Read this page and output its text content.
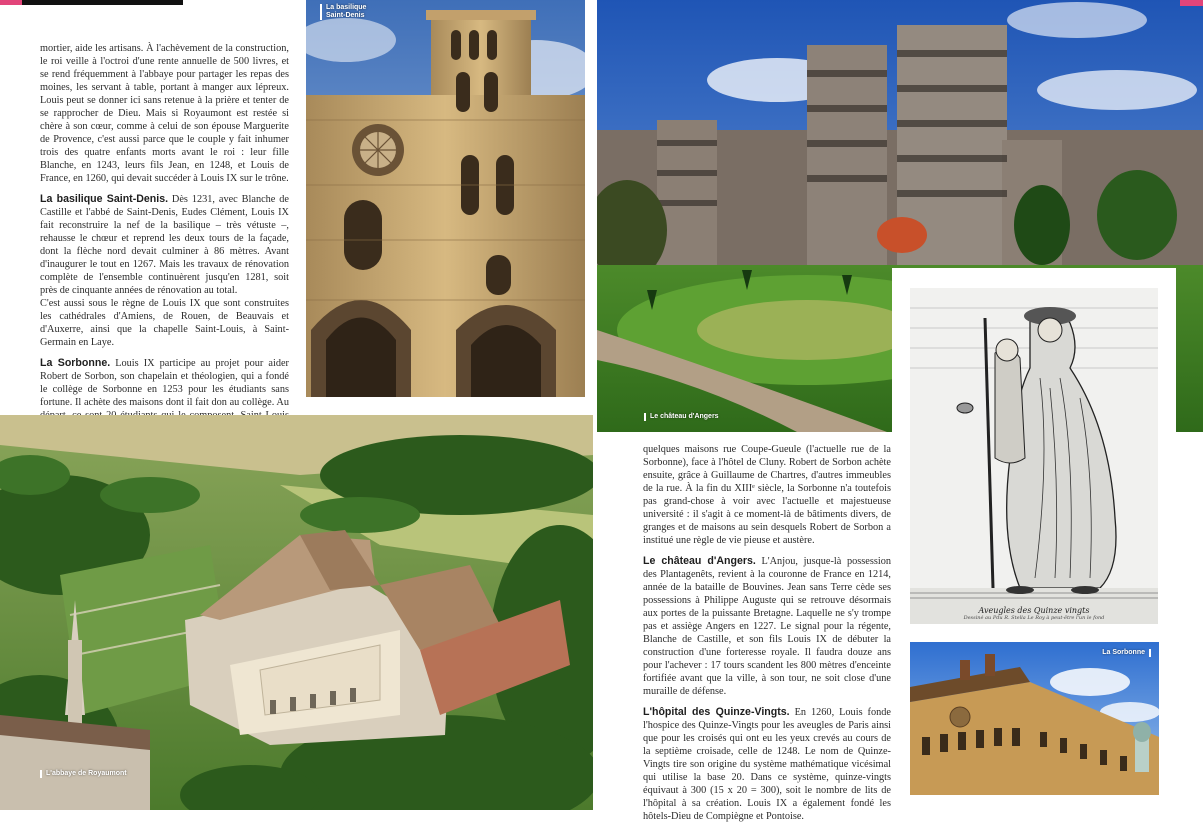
mortier, aide les artisans. À l'achèvement de la construction, le roi veille à l'octroi d'une rente annuelle de 500 livres, et se rend fréquemment à l'abbaye pour partager les repas des moines, les servant à table, portant à manger aux lépreux. Louis peut se donner ici sans retenue à la prière et tenter de se rapprocher de Dieu. Mais si Royaumont est restée si chère à son cœur, comme à celui de son épouse Marguerite de Provence, c'est aussi parce que le couple y fait inhumer trois des quatre enfants morts avant le roi : leur fille Blanche, en 1243, leurs fils Jean, en 1248, et Louis de France, en 1260, qui devait succéder à Louis IX sur le trône.

La basilique Saint-Denis. Dès 1231, avec Blanche de Castille et l'abbé de Saint-Denis, Eudes Clément, Louis IX fait reconstruire la nef de la basilique – très vétuste –, rehausse le chœur et reprend les deux tours de la façade, dont la flèche nord devait culminer à 86 mètres. Avant d'inaugurer le tout en 1267. Mais les travaux de rénovation complète de l'ensemble continuèrent jusqu'en 1281, soit près de cinquante années de rénovation au total.

C'est aussi sous le règne de Louis IX que sont construites les cathédrales d'Amiens, de Rouen, de Beauvais et d'Auxerre, ainsi que la chapelle Saint-Louis, à Saint-Germain en Laye.

La Sorbonne. Louis IX participe au projet pour aider Robert de Sorbon, son chapelain et théologien, qui a fondé le collège de Sorbonne en 1253 pour les étudiants sans fortune. Il achète des maisons dont il fait don au collège. Au

La basilique
Saint-Denis
Le château d'Angers
Aveugles des Quinze vingts
Dessiné au Pdu R. Stella Le Roy à peut-être l'un le fond
L'abbaye de Royaumont

quelques maisons rue Coupe-Gueule (l'actuelle rue de la Sorbonne), face à l'hôtel de Cluny. Robert de Sorbon achète ensuite, grâce à Guillaume de Chartres, d'autres immeubles de la rue. À la fin du XIIIᵉ siècle, la Sorbonne n'a toutefois pas grand-chose à voir avec l'actuelle et majestueuse université : il s'agit à ce moment-là de bâtiments divers, de granges et de maisons au sein desquels Robert de Sorbon a institué une règle de vie pieuse et austère.

Le château d'Angers. L'Anjou, jusque-là possession des Plantagenêts, revient à la couronne de France en 1214, année de la bataille de Bouvines. Jean sans Terre cède ses possessions à Philippe Auguste qui se retrouve désormais aux portes de la puissante Bretagne. Laquelle ne s'y trompe pas et assiège Angers en 1227. Le signal pour la régente, Blanche de Castille, et son fils Louis IX de débuter la construction d'une forteresse royale. Il faudra douze ans pour l'achever : 17 tours scandent les 800 mètres d'enceinte fortifiée avant que la ville, à son tour, ne soit close d'une muraille de défense.

L'hôpital des Quinze-Vingts. En 1260, Louis fonde l'hospice des Quinze-Vingts pour les aveugles de Paris ainsi que pour les croisés qui ont eu les yeux crevés au cours de la septième croisade, celle de 1248. Le nom de Quinze-Vingts tire son origine du système mathématique vicésimal qui utilise la base 20. Dans ce système, quinze-vingts équivaut à 300 (15 x 20 = 300), soit le nombre de lits de l'hôpital à sa création. Louis IX a également fondé les hôtels-Dieu de Compiègne et Pontoise.

La Sorbonne
